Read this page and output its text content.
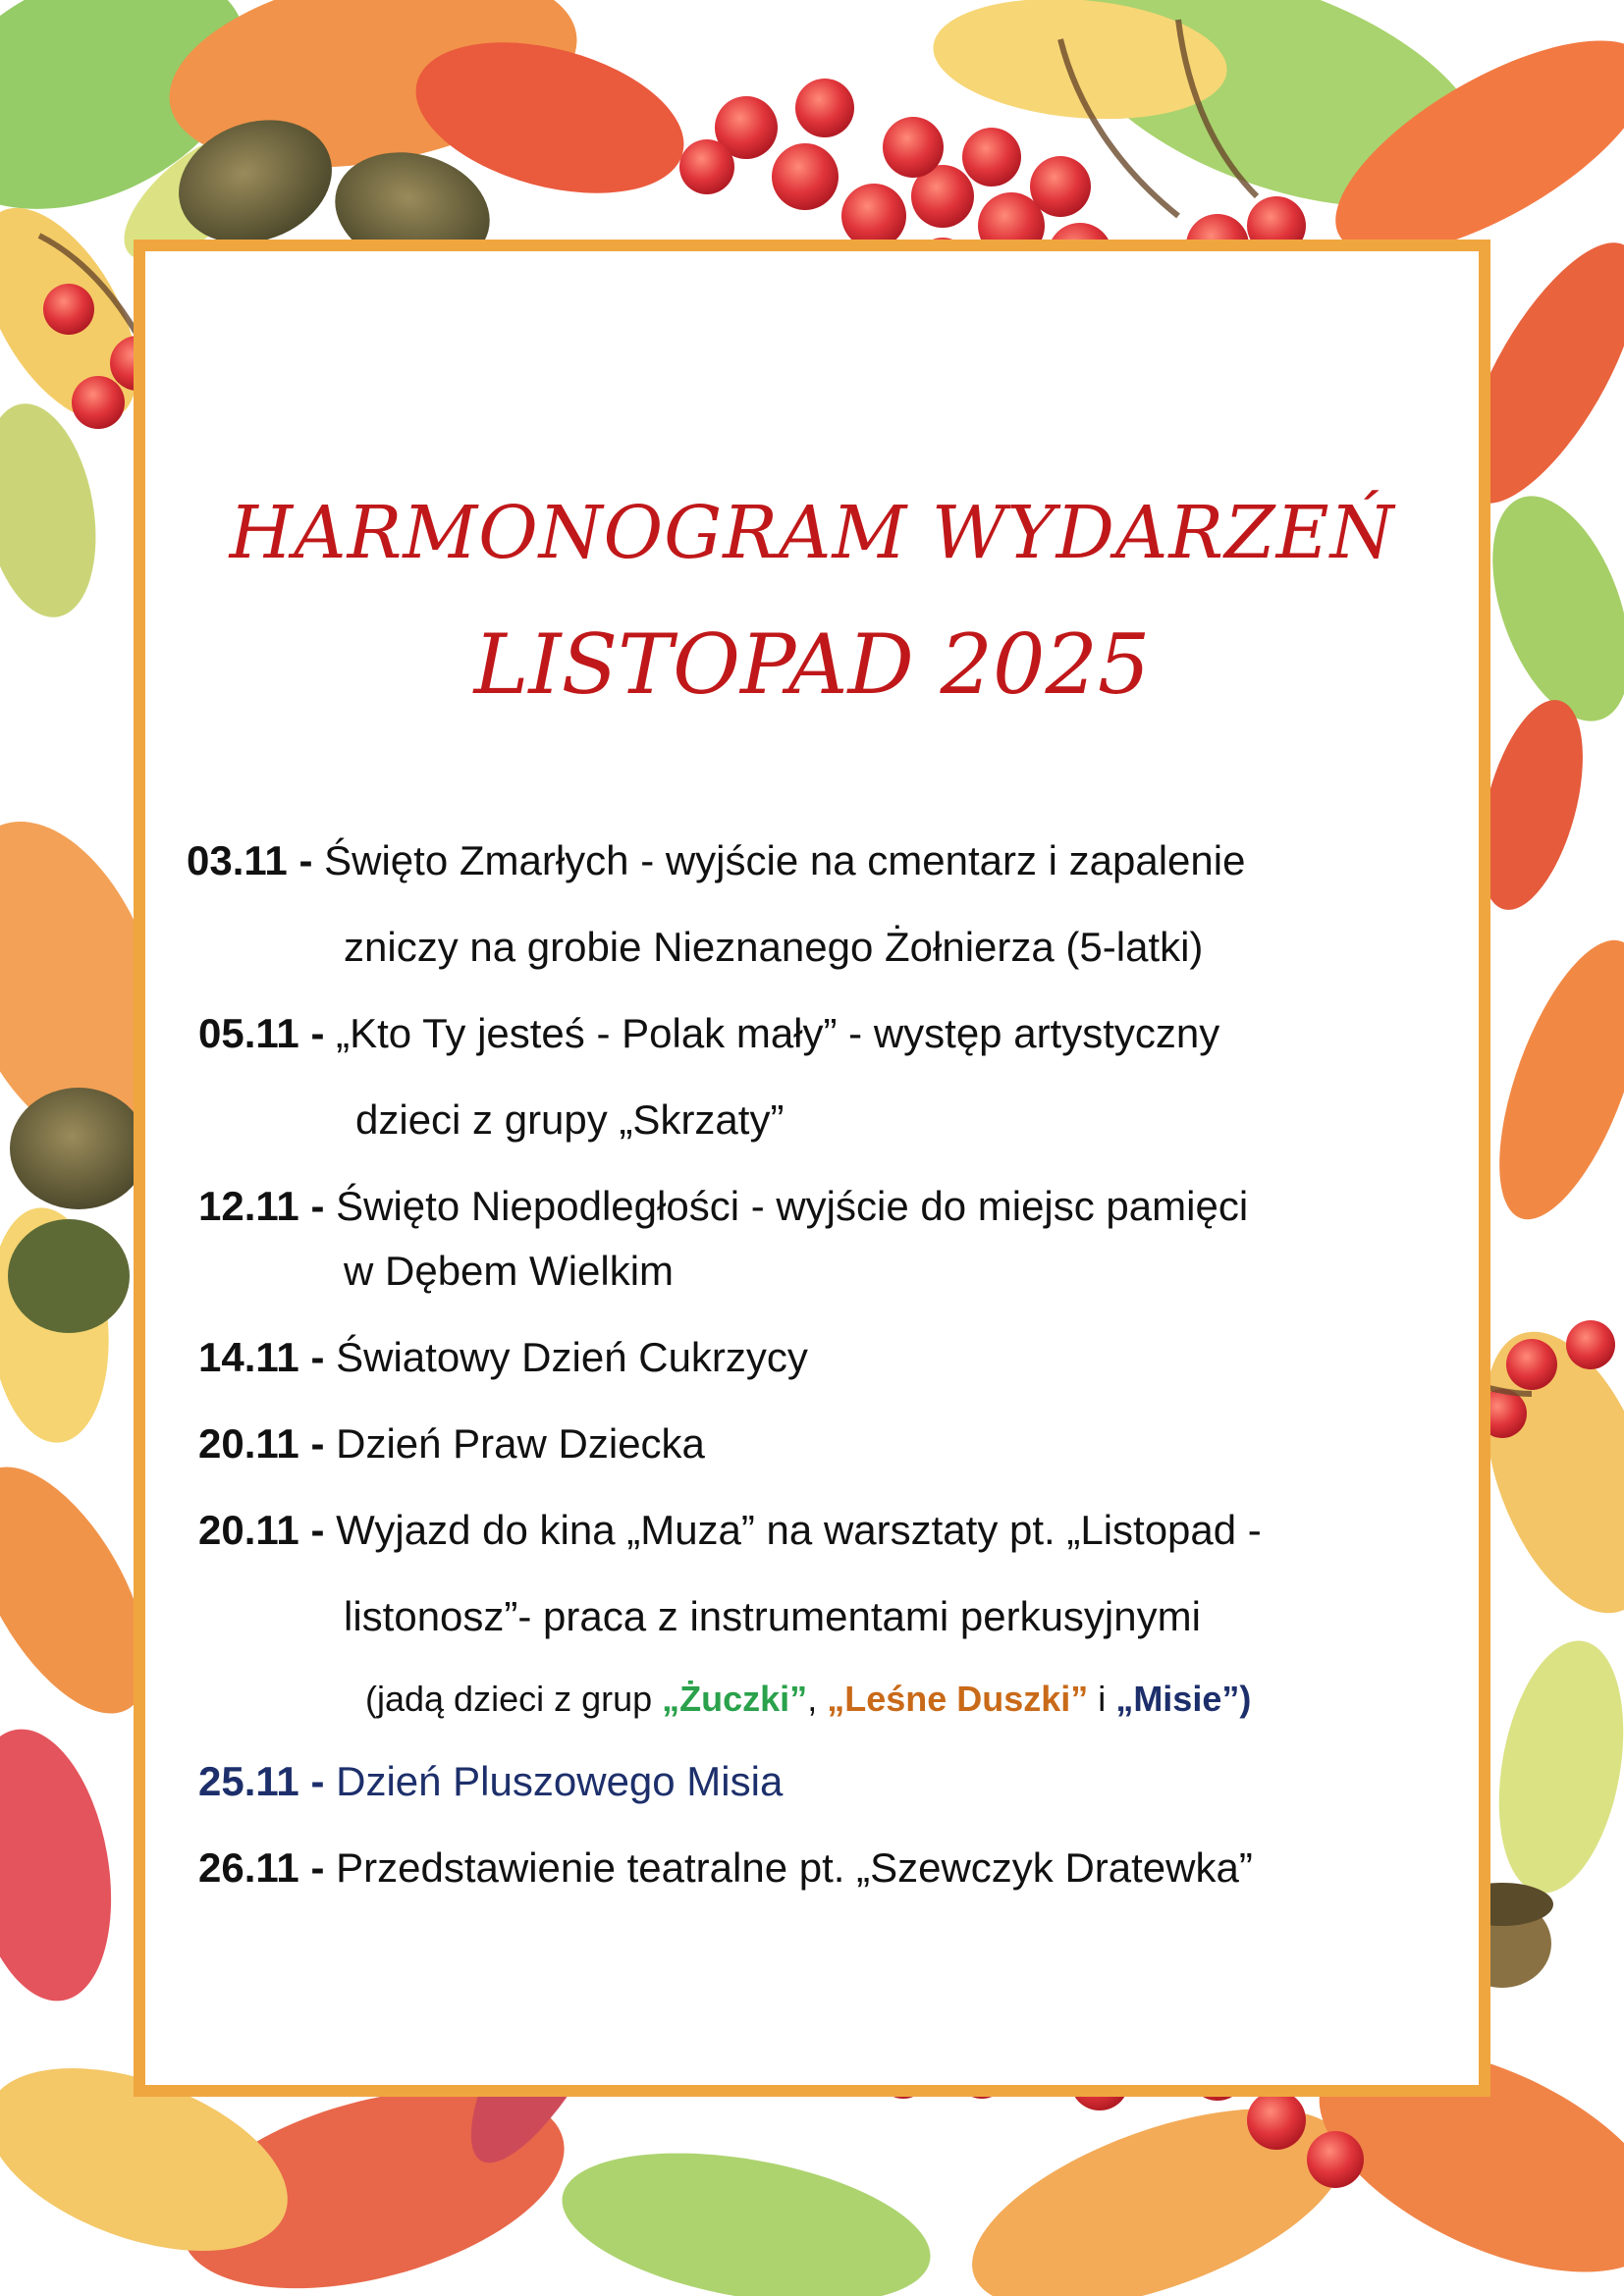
HARMONOGRAM WYDARZEŃ
LISTOPAD 2025
03.11 - Święto Zmarłych - wyjście na cmentarz i zapalenie
zniczy na grobie Nieznanego Żołnierza (5-latki)
05.11 - „Kto Ty jesteś - Polak mały” - występ artystyczny
dzieci z grupy „Skrzaty”
12.11 - Święto Niepodległości - wyjście do miejsc pamięci
w Dębem Wielkim
14.11 - Światowy Dzień Cukrzycy
20.11 - Dzień Praw Dziecka
20.11 - Wyjazd do kina „Muza” na warsztaty pt. „Listopad -
listonosz”- praca z instrumentami perkusyjnymi
(jadą dzieci z grup „Żuczki”, „Leśne Duszki” i „Misie”)
25.11 - Dzień Pluszowego Misia
26.11 - Przedstawienie teatralne pt. „Szewczyk Dratewka”
